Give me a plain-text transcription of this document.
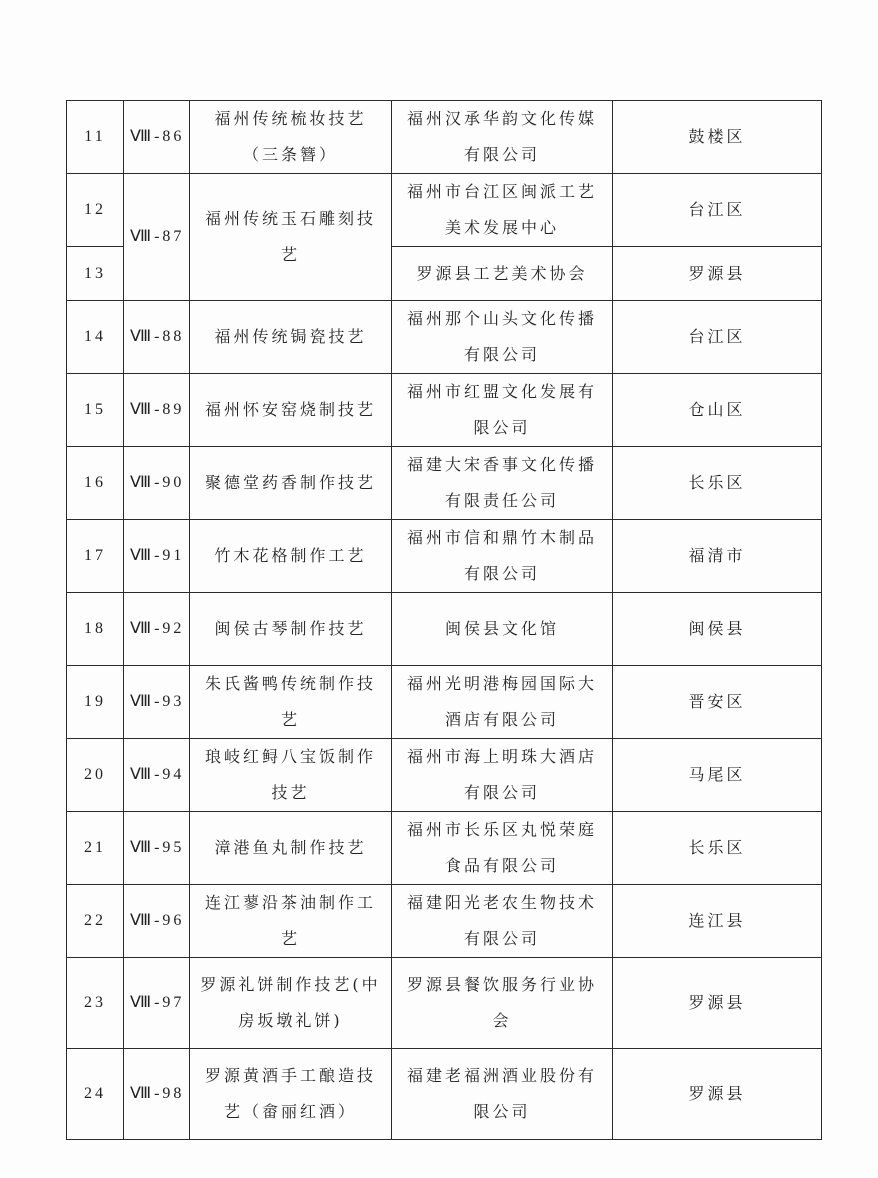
11	Ⅷ-86	福州传统梳妆技艺（三条簪）	福州汉承华韵文化传媒有限公司	鼓楼区
12	Ⅷ-87	福州传统玉石雕刻技艺	福州市台江区闽派工艺美术发展中心	台江区
13			罗源县工艺美术协会	罗源县
14	Ⅷ-88	福州传统锔瓷技艺	福州那个山头文化传播有限公司	台江区
15	Ⅷ-89	福州怀安窑烧制技艺	福州市红盟文化发展有限公司	仓山区
16	Ⅷ-90	聚德堂药香制作技艺	福建大宋香事文化传播有限责任公司	长乐区
17	Ⅷ-91	竹木花格制作工艺	福州市信和鼎竹木制品有限公司	福清市
18	Ⅷ-92	闽侯古琴制作技艺	闽侯县文化馆	闽侯县
19	Ⅷ-93	朱氏酱鸭传统制作技艺	福州光明港梅园国际大酒店有限公司	晋安区
20	Ⅷ-94	琅岐红鲟八宝饭制作技艺	福州市海上明珠大酒店有限公司	马尾区
21	Ⅷ-95	漳港鱼丸制作技艺	福州市长乐区丸悦荣庭食品有限公司	长乐区
22	Ⅷ-96	连江蓼沿茶油制作工艺	福建阳光老农生物技术有限公司	连江县
23	Ⅷ-97	罗源礼饼制作技艺(中房坂墩礼饼)	罗源县餐饮服务行业协会	罗源县
24	Ⅷ-98	罗源黄酒手工酿造技艺（畲丽红酒）	福建老福洲酒业股份有限公司	罗源县
